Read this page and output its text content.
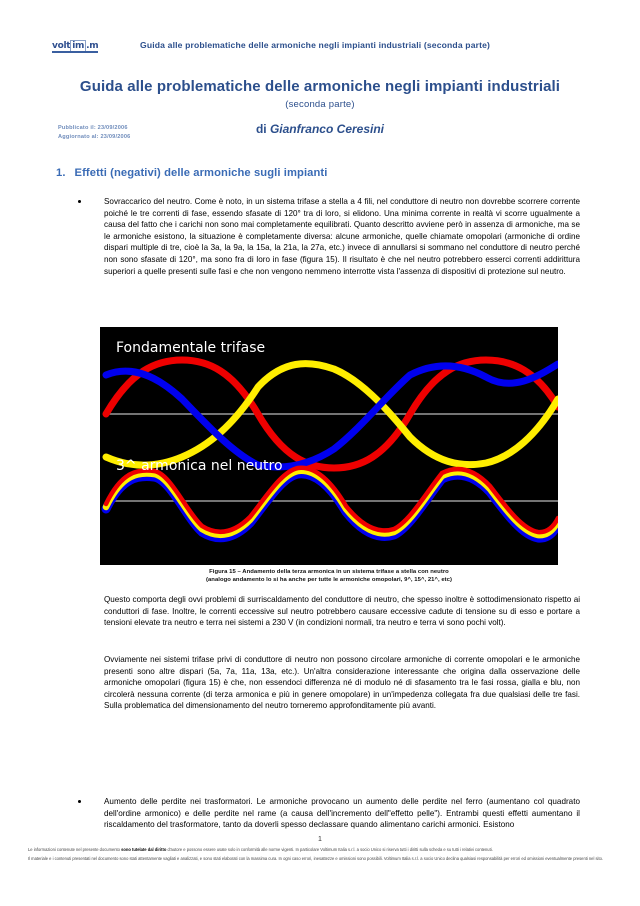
volt im .m	Guida alle problematiche delle armoniche negli impianti industriali (seconda parte)
Guida alle problematiche delle armoniche negli impianti industriali
(seconda parte)
Pubblicato il: 23/09/2006
Aggiornato al: 23/09/2006
di Gianfranco Ceresini
1. Effetti (negativi) delle armoniche sugli impianti
Sovraccarico del neutro. Come è noto, in un sistema trifase a stella a 4 fili, nel conduttore di neutro non dovrebbe scorrere corrente poiché le tre correnti di fase, essendo sfasate di 120° tra di loro, si elidono. Una minima corrente in realtà vi scorre ugualmente a causa del fatto che i carichi non sono mai completamente equilibrati. Quanto descritto avviene però in assenza di armoniche, ma se le armoniche esistono, la situazione è completamente diversa: alcune armoniche, quelle chiamate omopolari (armoniche di ordine dispari multiple di tre, cioè la 3a, la 9a, la 15a, la 21a, la 27a, etc.) invece di annullarsi si sommano nel conduttore di neutro perché non sono sfasate di 120°, ma sono fra di loro in fase (figura 15). Il risultato è che nel neutro potrebbero esserci correnti addirittura superiori a quelle presenti sulle fasi e che non vengono nemmeno interrotte vista l'assenza di dispositivi di protezione sul neutro.
Fondamentale trifase
3^ armonica nel neutro
Figura 15 – Andamento della terza armonica in un sistema trifase a stella con neutro
(analogo andamento lo si ha anche per tutte le armoniche omopolari, 9^, 15^, 21^, etc)
Questo comporta degli ovvi problemi di surriscaldamento del conduttore di neutro, che spesso inoltre è sottodimensionato rispetto ai conduttori di fase. Inoltre, le correnti eccessive sul neutro potrebbero causare eccessive cadute di tensione su di esso e portare a tensioni elevate tra neutro e terra nei sistemi a 230 V (in condizioni normali, tra neutro e terra vi sono pochi volt).
Ovviamente nei sistemi trifase privi di conduttore di neutro non possono circolare armoniche di corrente omopolari e le armoniche presenti sono altre dispari (5a, 7a, 11a, 13a, etc.). Un'altra considerazione interessante che origina dalla osservazione delle armoniche omopolari (figura 15) è che, non essendoci differenza né di modulo né di sfasamento tra le fasi rossa, gialla e blu, non circolerà nessuna corrente (di terza armonica e più in genere omopolare) in un'impedenza collegata fra due qualsiasi delle tre fasi. Sulla problematica del dimensionamento del neutro torneremo approfonditamente più avanti.
Aumento delle perdite nei trasformatori. Le armoniche provocano un aumento delle perdite nel ferro (aumentano col quadrato dell'ordine armonico) e delle perdite nel rame (a causa dell'incremento dell"effetto pelle"). Entrambi questi effetti aumentano il riscaldamento del trasformatore, tanto da doverli spesso declassare quando alimentano carichi armonici. Esistono
1

Le informazioni contenute nel presente documento sono tutelate dal diritto d'autore e possono essere usate solo in conformità alle norme vigenti. In particolare Voltimum Italia s.r.l. a socio Unico si riserva tutti i diritti sulla scheda e su tutti i relativi contenuti.

Il materiale e i contenuti presentati nel documento sono stati attentamente vagliati e analizzati, e sono stati elaborati con la massima cura. In ogni caso errori, inesattezze e omissioni sono possibili. Voltimum Italia s.r.l. a socio Unico declina qualsiasi responsabilità per errori ed omissioni eventualmente presenti nel sito.
